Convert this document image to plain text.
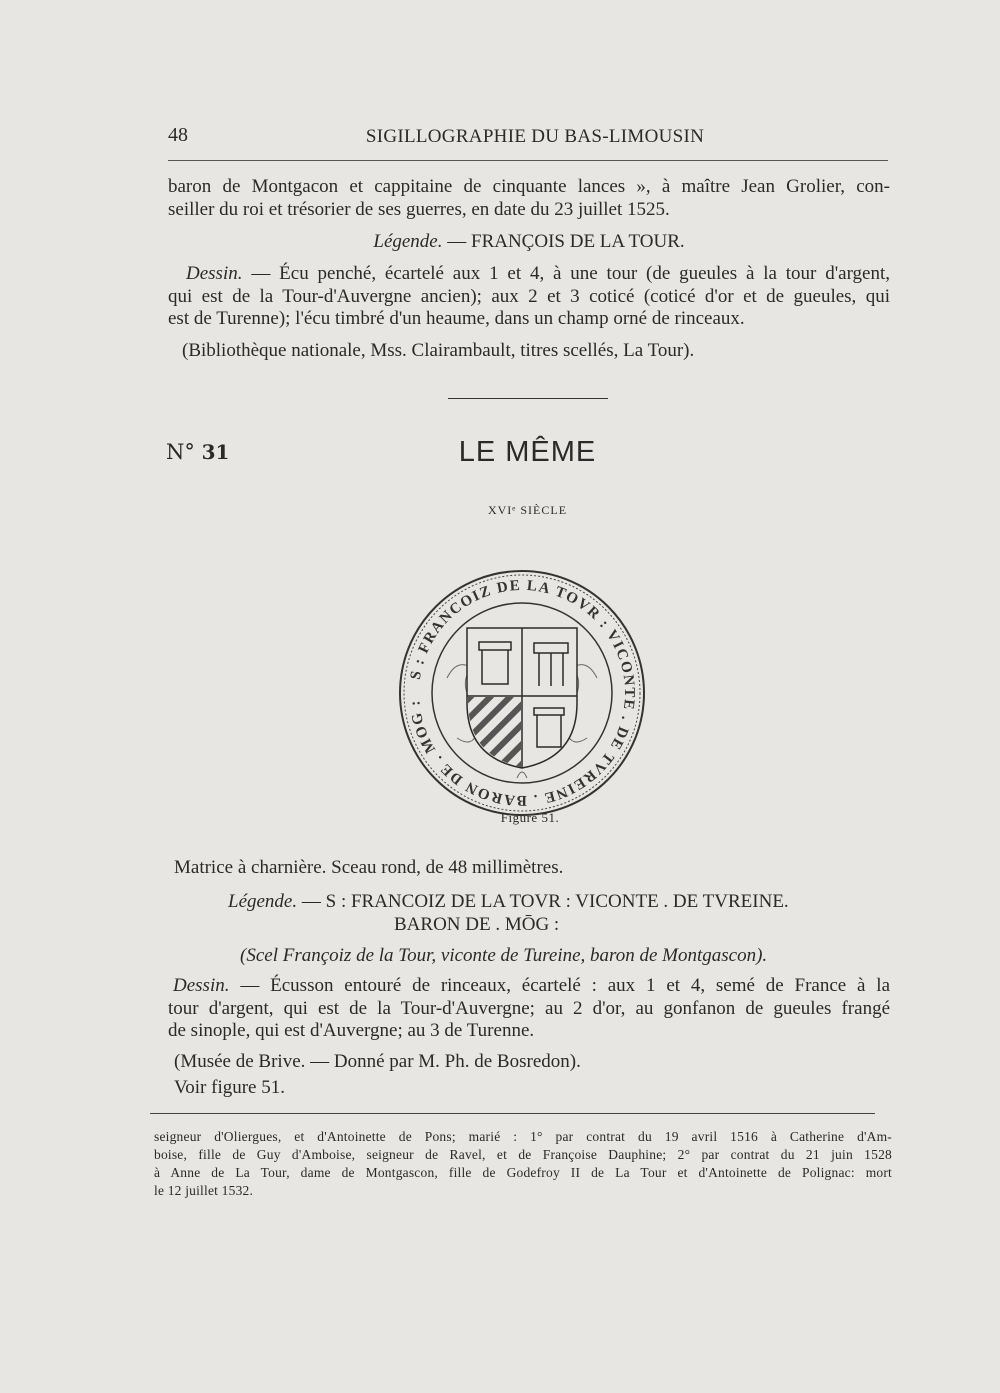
48	SIGILLOGRAPHIE DU BAS-LIMOUSIN
baron de Montgacon et cappitaine de cinquante lances », à maître Jean Grolier, con-
seiller du roi et trésorier de ses guerres, en date du 23 juillet 1525.
Légende. — FRANÇOIS DE LA TOUR.
Dessin. — Écu penché, écartelé aux 1 et 4, à une tour (de gueules à la tour d'argent,
qui est de la Tour-d'Auvergne ancien); aux 2 et 3 coticé (coticé d'or et de gueules, qui
est de Turenne); l'écu timbré d'un heaume, dans un champ orné de rinceaux.
(Bibliothèque nationale, Mss. Clairambault, titres scellés, La Tour).
N° 31	LE MÊME
XVIᵉ SIÈCLE
S : FRANCOIZ DE LA TOVR : VICONTE . DE TVREINE . BARON DE . MOG :
Figure 51.
Matrice à charnière. Sceau rond, de 48 millimètres.
Légende. — S : FRANCOIZ DE LA TOVR : VICONTE . DE TVREINE.
BARON DE . MŌG :
(Scel Françoiz de la Tour, vicontе de Tureine, baron de Montgascon).
Dessin. — Écusson entouré de rinceaux, écartelé : aux 1 et 4, semé de France à la
tour d'argent, qui est de la Tour-d'Auvergne; au 2 d'or, au gonfanon de gueules frangé
de sinople, qui est d'Auvergne; au 3 de Turenne.
(Musée de Brive. — Donné par M. Ph. de Bosredon).
Voir figure 51.
seigneur d'Oliergues, et d'Antoinette de Pons; marié : 1° par contrat du 19 avril 1516 à Catherine d'Am-
boise, fille de Guy d'Amboise, seigneur de Ravel, et de Françoise Dauphine; 2° par contrat du 21 juin 1528
à Anne de La Tour, dame de Montgascon, fille de Godefroy II de La Tour et d'Antoinette de Polignac: mort
le 12 juillet 1532.
